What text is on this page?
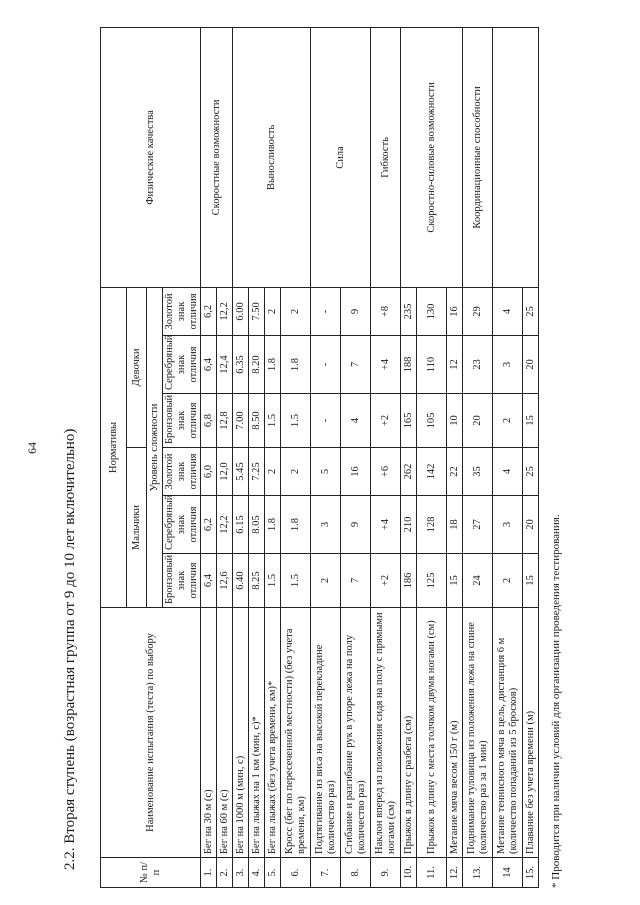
64	2.2. Вторая ступень (возрастная группа от 9 до 10 лет включительно)
№ п/п	Наименование испытания (теста) по выбору	Нормативы						Физические качества
		Мальчики			Девочки			
		Уровень сложности						
		Бронзовый знак отличия	Серебряный знак отличия	Золотой знак отличия	Бронзовый знак отличия	Серебряный знак отличия	Золотой знак отличия	
1.	Бег на 30 м (с)	6,4	6,2	6,0	6,8	6,4	6,2	Скоростные возможности
2.	Бег на 60 м (с)	12,6	12,2	12,0	12,8	12,4	12,2	
3.	Бег на 1000 м (мин, с)	6.40	6.15	5.45	7.00	6.35	6.00	Выносливость
4.	Бег на лыжах на 1 км (мин, с)*	8.25	8.05	7.25	8.50	8.20	7.50	
5.	Бег на лыжах (без учета времени, км)*	1.5	1.8	2	1.5	1.8	2	
6.	Кросс (бег по пересеченной местности) (без учета времени, км)	1.5	1.8	2	1.5	1.8	2	
7.	Подтягивание из виса на высокой перекладине (количество раз)	2	3	5	-	-	-	Сила
8.	Сгибание и разгибание рук в упоре лежа на полу (количество раз)	7	9	16	4	7	9	
9.	Наклон вперед из положения сидя на полу с прямыми ногами (см)	+2	+4	+6	+2	+4	+8	Гибкость
10.	Прыжок в длину с разбега (см)	186	210	262	165	188	235	Скоростно-силовые возможности
11.	Прыжок в длину с места толчком двумя ногами (см)	125	128	142	105	110	130	
12.	Метание мяча весом 150 г (м)	15	18	22	10	12	16	
13.	Поднимание туловища из положения лежа на спине (количество раз за 1 мин)	24	27	35	20	23	29	Координационные способности
14	Метание теннисного мяча в цель, дистанция 6 м (количество попаданий из 5 бросков)	2	3	4	2	3	4	
15.	Плавание без учета времени (м)	15	20	25	15	20	25	
* Проводится при наличии условий для организации проведения тестирования.
